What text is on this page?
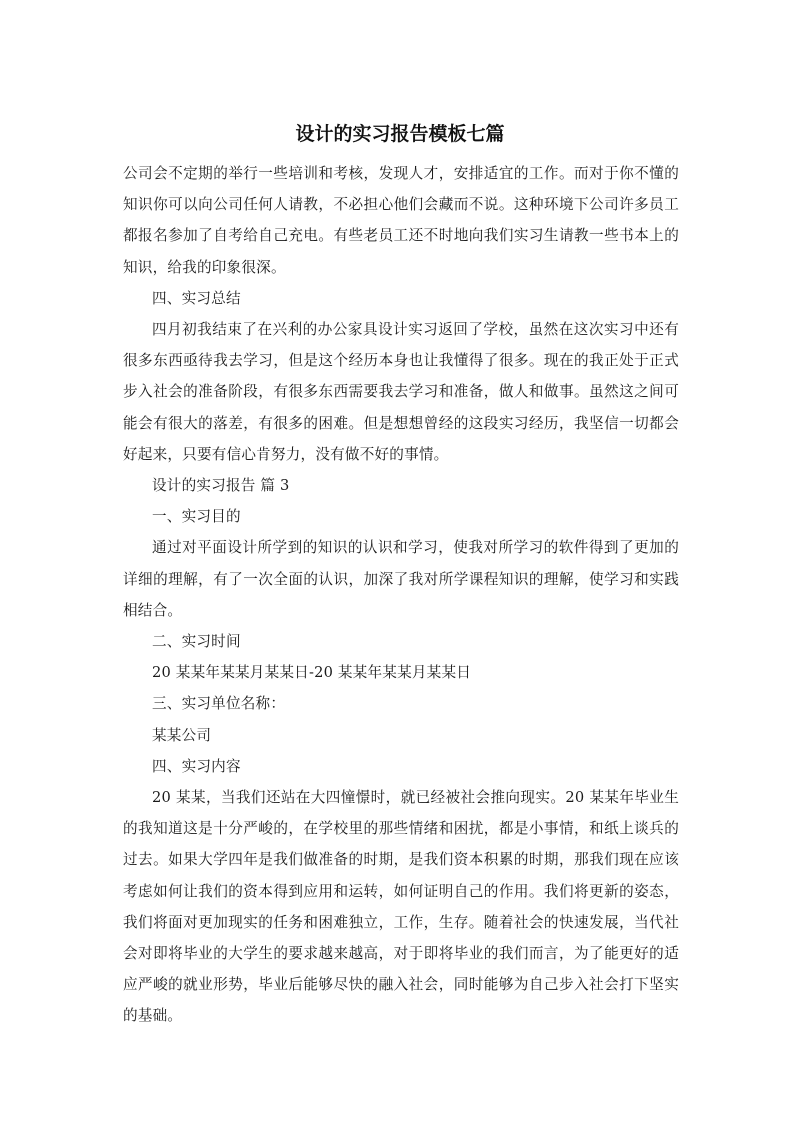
设计的实习报告模板七篇

公司会不定期的举行一些培训和考核，发现人才，安排适宜的工作。而对于你不懂的知识你可以向公司任何人请教，不必担心他们会藏而不说。这种环境下公司许多员工都报名参加了自考给自己充电。有些老员工还不时地向我们实习生请教一些书本上的知识，给我的印象很深。

四、实习总结

四月初我结束了在兴利的办公家具设计实习返回了学校，虽然在这次实习中还有很多东西亟待我去学习，但是这个经历本身也让我懂得了很多。现在的我正处于正式步入社会的准备阶段，有很多东西需要我去学习和准备，做人和做事。虽然这之间可能会有很大的落差，有很多的困难。但是想想曾经的这段实习经历，我坚信一切都会好起来，只要有信心肯努力，没有做不好的事情。

设计的实习报告 篇 3

一、实习目的

通过对平面设计所学到的知识的认识和学习，使我对所学习的软件得到了更加的详细的理解，有了一次全面的认识，加深了我对所学课程知识的理解，使学习和实践相结合。

二、实习时间

20 某某年某某月某某日-20 某某年某某月某某日

三、实习单位名称：

某某公司

四、实习内容

20 某某，当我们还站在大四憧憬时，就已经被社会推向现实。20 某某年毕业生的我知道这是十分严峻的，在学校里的那些情绪和困扰，都是小事情，和纸上谈兵的过去。如果大学四年是我们做准备的时期，是我们资本积累的时期，那我们现在应该考虑如何让我们的资本得到应用和运转，如何证明自己的作用。我们将更新的姿态，我们将面对更加现实的任务和困难独立，工作，生存。随着社会的快速发展，当代社会对即将毕业的大学生的要求越来越高，对于即将毕业的我们而言，为了能更好的适应严峻的就业形势，毕业后能够尽快的融入社会，同时能够为自己步入社会打下坚实的基础。
